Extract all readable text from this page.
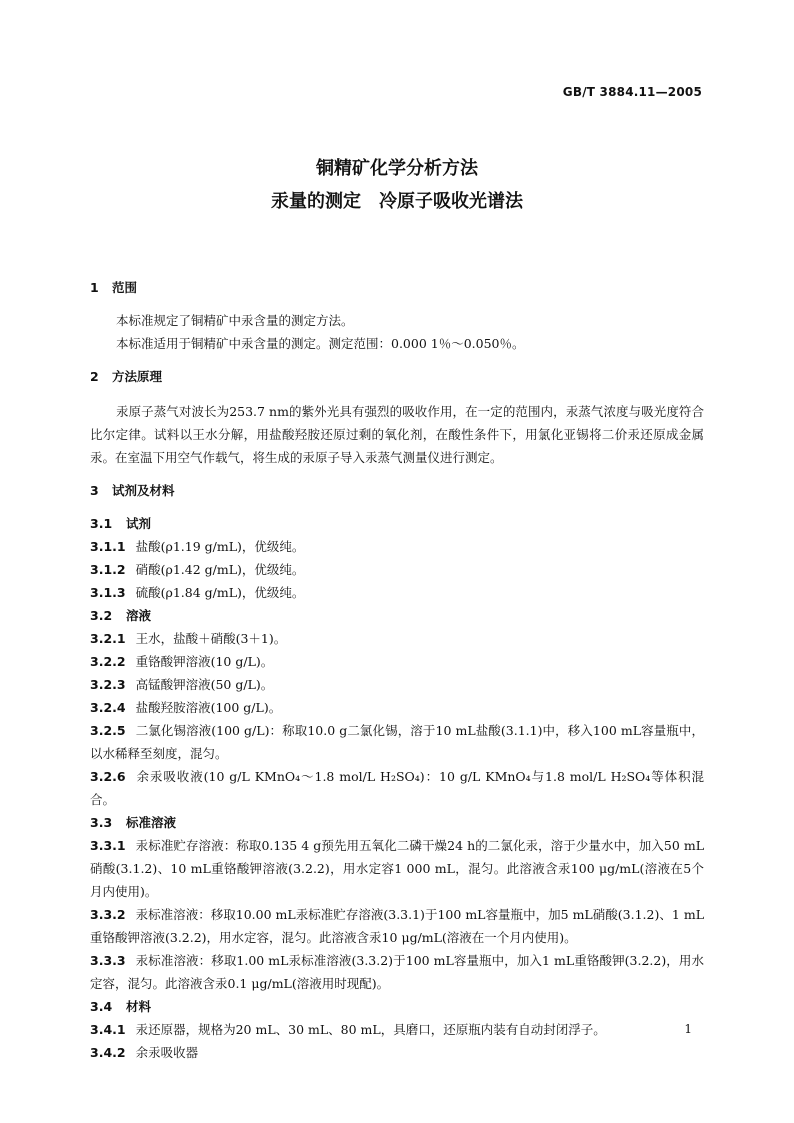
GB/T 3884.11—2005
铜精矿化学分析方法
汞量的测定　冷原子吸收光谱法
1 范围
本标准规定了铜精矿中汞含量的测定方法。
本标准适用于铜精矿中汞含量的测定。测定范围：0.000 1％～0.050％。
2 方法原理
汞原子蒸气对波长为253.7 nm的紫外光具有强烈的吸收作用，在一定的范围内，汞蒸气浓度与吸光度符合比尔定律。试料以王水分解，用盐酸羟胺还原过剩的氧化剂，在酸性条件下，用氯化亚锡将二价汞还原成金属汞。在室温下用空气作载气，将生成的汞原子导入汞蒸气测量仪进行测定。
3 试剂及材料
3.1 试剂
3.1.1 盐酸(ρ1.19 g/mL)，优级纯。
3.1.2 硝酸(ρ1.42 g/mL)，优级纯。
3.1.3 硫酸(ρ1.84 g/mL)，优级纯。
3.2 溶液
3.2.1 王水，盐酸＋硝酸(3＋1)。
3.2.2 重铬酸钾溶液(10 g/L)。
3.2.3 高锰酸钾溶液(50 g/L)。
3.2.4 盐酸羟胺溶液(100 g/L)。
3.2.5 二氯化锡溶液(100 g/L)：称取10.0 g二氯化锡，溶于10 mL盐酸(3.1.1)中，移入100 mL容量瓶中，以水稀释至刻度，混匀。
3.2.6 余汞吸收液(10 g/L KMnO₄～1.8 mol/L H₂SO₄)：10 g/L KMnO₄与1.8 mol/L H₂SO₄等体积混合。
3.3 标准溶液
3.3.1 汞标准贮存溶液：称取0.135 4 g预先用五氧化二磷干燥24 h的二氯化汞，溶于少量水中，加入50 mL硝酸(3.1.2)、10 mL重铬酸钾溶液(3.2.2)，用水定容1 000 mL，混匀。此溶液含汞100 μg/mL(溶液在5个月内使用)。
3.3.2 汞标准溶液：移取10.00 mL汞标准贮存溶液(3.3.1)于100 mL容量瓶中，加5 mL硝酸(3.1.2)、1 mL重铬酸钾溶液(3.2.2)，用水定容，混匀。此溶液含汞10 μg/mL(溶液在一个月内使用)。
3.3.3 汞标准溶液：移取1.00 mL汞标准溶液(3.3.2)于100 mL容量瓶中，加入1 mL重铬酸钾(3.2.2)，用水定容，混匀。此溶液含汞0.1 μg/mL(溶液用时现配)。
3.4 材料
3.4.1 汞还原器，规格为20 mL、30 mL、80 mL，具磨口，还原瓶内装有自动封闭浮子。
3.4.2 余汞吸收器
1
